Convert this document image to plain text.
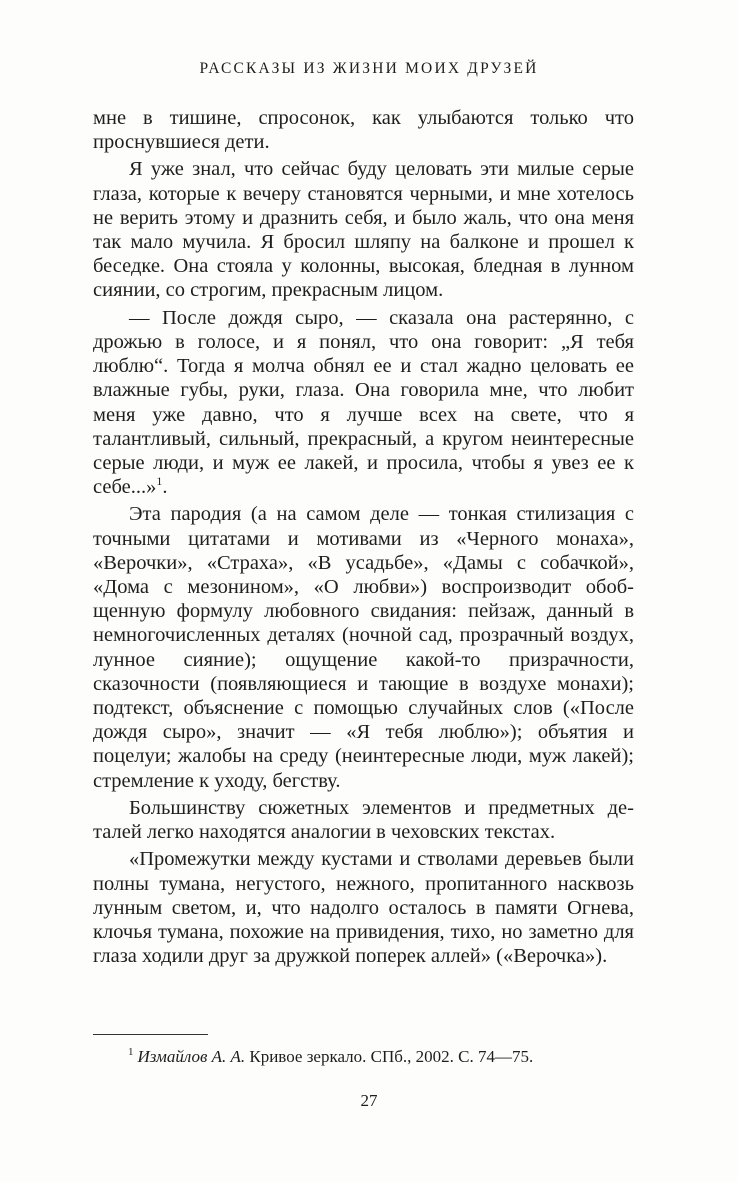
РАССКАЗЫ ИЗ ЖИЗНИ МОИХ ДРУЗЕЙ

мне в тишине, спросонок, как улыбаются только что проснувшиеся дети.

Я уже знал, что сейчас буду целовать эти милые серые глаза, которые к вечеру становятся черными, и мне хотелось не верить этому и дразнить себя, и было жаль, что она меня так мало мучила. Я бросил шляпу на балконе и прошел к беседке. Она стояла у колонны, высокая, бледная в лунном сиянии, со строгим, прекрасным лицом.

— После дождя сыро, — сказала она растерянно, с дрожью в голосе, и я понял, что она говорит: „Я тебя люблю“. Тогда я молча обнял ее и стал жадно целовать ее влажные губы, руки, глаза. Она говорила мне, что любит меня уже давно, что я лучше всех на свете, что я талантливый, сильный, прекрасный, а кругом неинтересные серые люди, и муж ее лакей, и просила, чтобы я увез ее к себе...»$^1$.

Эта пародия (а на самом деле — тонкая стилизация с точными цитатами и мотивами из «Черного монаха», «Верочки», «Страха», «В усадьбе», «Дамы с собачкой», «Дома с мезонином», «О любви») воспроизводит обобщенную формулу любовного свидания: пейзаж, данный в немногочисленных деталях (ночной сад, прозрачный воздух, лунное сияние); ощущение какой-то призрачности, сказочности (появляющиеся и тающие в воздухе монахи); подтекст, объяснение с помощью случайных слов («После дождя сыро», значит — «Я тебя люблю»); объятия и поцелуи; жалобы на среду (неинтересные люди, муж лакей); стремление к уходу, бегству.

Большинству сюжетных элементов и предметных деталей легко находятся аналогии в чеховских текстах.

«Промежутки между кустами и стволами деревьев были полны тумана, негустого, нежного, пропитанного насквозь лунным светом, и, что надолго осталось в памяти Огнева, клочья тумана, похожие на привидения, тихо, но заметно для глаза ходили друг за дружкой поперек аллей» («Верочка»).

$^1$ Измайлов А. А. Кривое зеркало. СПб., 2002. С. 74—75.
27
